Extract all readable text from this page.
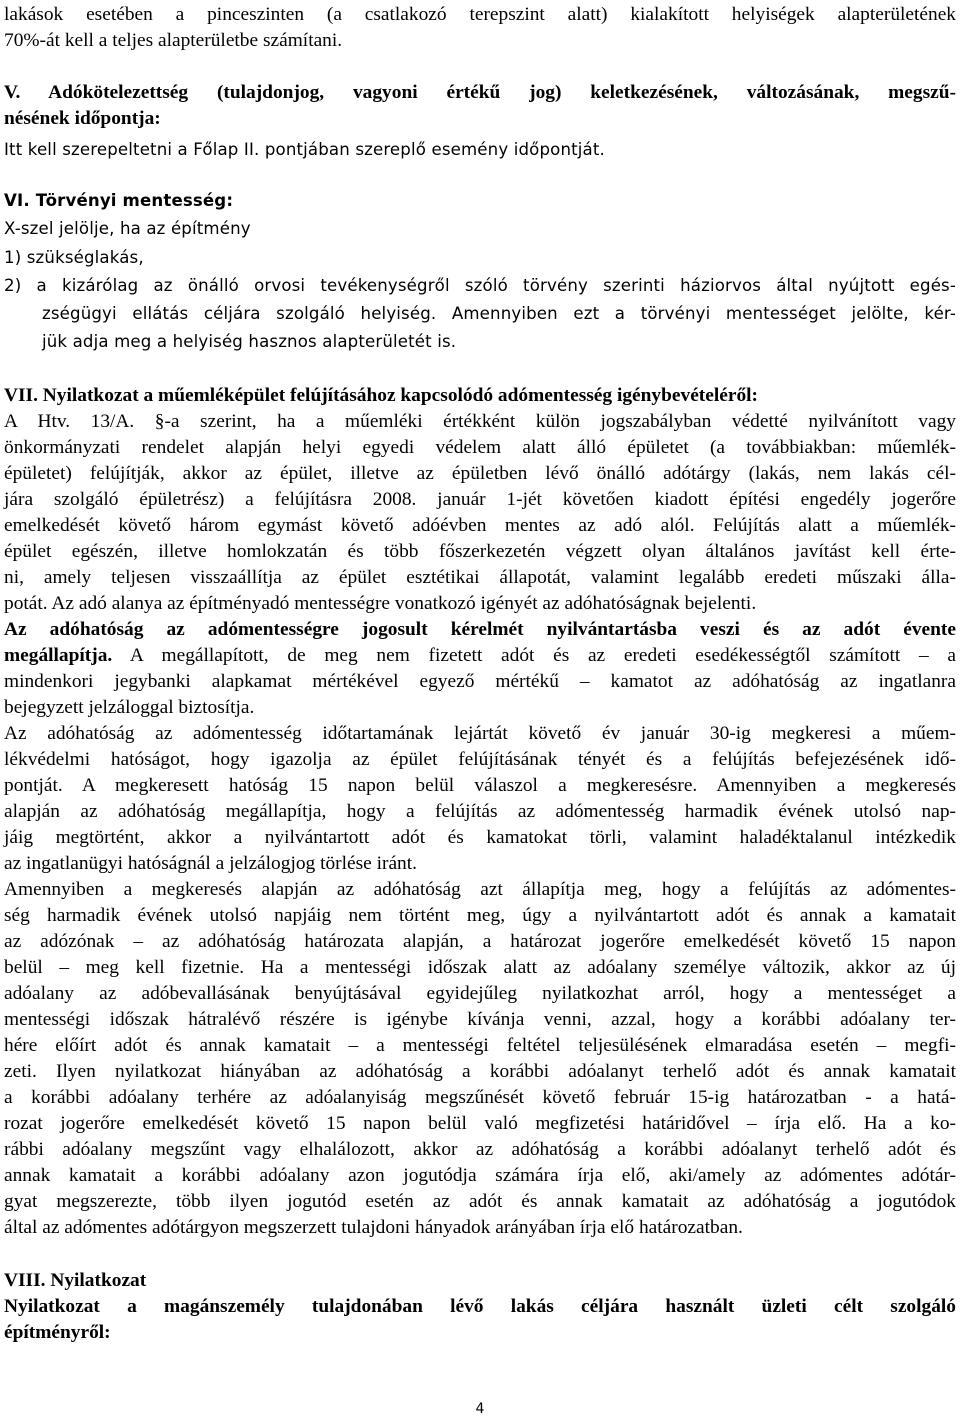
lakások esetében a pinceszinten (a csatlakozó terepszint alatt) kialakított helyiségek alapterületének
70%-át kell a teljes alapterületbe számítani.
V. Adókötelezettség (tulajdonjog, vagyoni értékű jog) keletkezésének, változásának, megszű-
nésének időpontja:
Itt kell szerepeltetni a Főlap II. pontjában szereplő esemény időpontját.
VI. Törvényi mentesség:
X-szel jelölje, ha az építmény
1) szükséglakás,
2) a kizárólag az önálló orvosi tevékenységről szóló törvény szerinti háziorvos által nyújtott egés-
zségügyi ellátás céljára szolgáló helyiség. Amennyiben ezt a törvényi mentességet jelölte, kér-
jük adja meg a helyiség hasznos alapterületét is.
VII. Nyilatkozat a műemléképület felújításához kapcsolódó adómentesség igénybevételéről:
A Htv. 13/A. §-a szerint, ha a műemléki értékként külön jogszabályban védetté nyilvánított vagy
önkormányzati rendelet alapján helyi egyedi védelem alatt álló épületet (a továbbiakban: műemlék-
épületet) felújítják, akkor az épület, illetve az épületben lévő önálló adótárgy (lakás, nem lakás cél-
jára szolgáló épületrész) a felújításra 2008. január 1-jét követően kiadott építési engedély jogerőre
emelkedését követő három egymást követő adóévben mentes az adó alól. Felújítás alatt a műemlék-
épület egészén, illetve homlokzatán és több főszerkezetén végzett olyan általános javítást kell érte-
ni, amely teljesen visszaállítja az épület esztétikai állapotát, valamint legalább eredeti műszaki álla-
potát. Az adó alanya az építményadó mentességre vonatkozó igényét az adóhatóságnak bejelenti.
Az adóhatóság az adómentességre jogosult kérelmét nyilvántartásba veszi és az adót évente
megállapítja. A megállapított, de meg nem fizetett adót és az eredeti esedékességtől számított – a
mindenkori jegybanki alapkamat mértékével egyező mértékű – kamatot az adóhatóság az ingatlanra
bejegyzett jelzáloggal biztosítja.
Az adóhatóság az adómentesség időtartamának lejártát követő év január 30-ig megkeresi a műem-
lékvédelmi hatóságot, hogy igazolja az épület felújításának tényét és a felújítás befejezésének idő-
pontját. A megkeresett hatóság 15 napon belül válaszol a megkeresésre. Amennyiben a megkeresés
alapján az adóhatóság megállapítja, hogy a felújítás az adómentesség harmadik évének utolsó nap-
jáig megtörtént, akkor a nyilvántartott adót és kamatokat törli, valamint haladéktalanul intézkedik
az ingatlanügyi hatóságnál a jelzálogjog törlése iránt.
Amennyiben a megkeresés alapján az adóhatóság azt állapítja meg, hogy a felújítás az adómentes-
ség harmadik évének utolsó napjáig nem történt meg, úgy a nyilvántartott adót és annak a kamatait
az adózónak – az adóhatóság határozata alapján, a határozat jogerőre emelkedését követő 15 napon
belül – meg kell fizetnie. Ha a mentességi időszak alatt az adóalany személye változik, akkor az új
adóalany az adóbevallásának benyújtásával egyidejűleg nyilatkozhat arról, hogy a mentességet a
mentességi időszak hátralévő részére is igénybe kívánja venni, azzal, hogy a korábbi adóalany ter-
hére előírt adót és annak kamatait – a mentességi feltétel teljesülésének elmaradása esetén – megfi-
zeti. Ilyen nyilatkozat hiányában az adóhatóság a korábbi adóalanyt terhelő adót és annak kamatait
a korábbi adóalany terhére az adóalanyiság megszűnését követő február 15-ig határozatban - a hatá-
rozat jogerőre emelkedését követő 15 napon belül való megfizetési határidővel – írja elő. Ha a ko-
rábbi adóalany megszűnt vagy elhalálozott, akkor az adóhatóság a korábbi adóalanyt terhelő adót és
annak kamatait a korábbi adóalany azon jogutódja számára írja elő, aki/amely az adómentes adótár-
gyat megszerezte, több ilyen jogutód esetén az adót és annak kamatait az adóhatóság a jogutódok
által az adómentes adótárgyon megszerzett tulajdoni hányadok arányában írja elő határozatban.
VIII. Nyilatkozat
Nyilatkozat a magánszemély tulajdonában lévő lakás céljára használt üzleti célt szolgáló
építményről:
4
